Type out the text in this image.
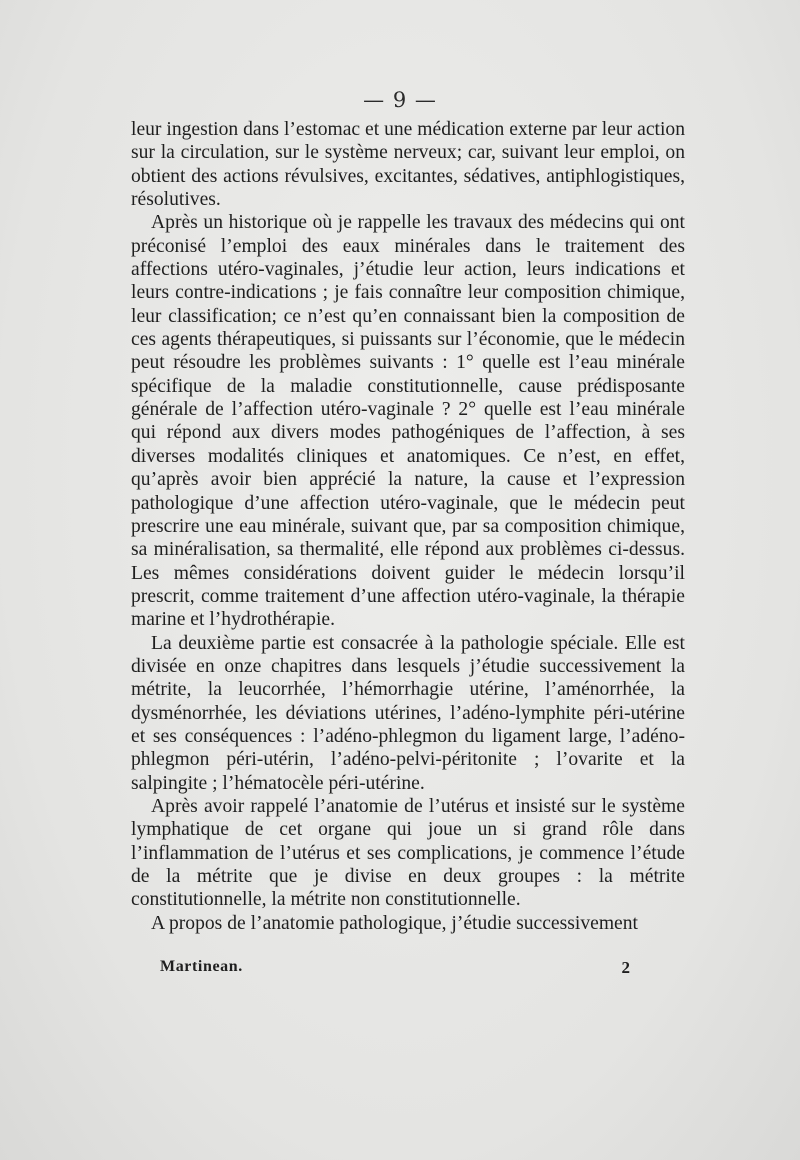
— 9 —

leur ingestion dans l’estomac et une médication externe par leur action sur la circulation, sur le système nerveux; car, suivant leur emploi, on obtient des actions révulsives, excitantes, sédatives, antiphlogistiques, résolutives.

Après un historique où je rappelle les travaux des médecins qui ont préconisé l’emploi des eaux minérales dans le traitement des affections utéro-vaginales, j’étudie leur action, leurs indications et leurs contre-indications ; je fais connaître leur composition chimique, leur classification; ce n’est qu’en connaissant bien la composition de ces agents thérapeutiques, si puissants sur l’économie, que le médecin peut résoudre les problèmes suivants : 1° quelle est l’eau minérale spécifique de la maladie constitutionnelle, cause prédisposante générale de l’affection utéro-vaginale ? 2° quelle est l’eau minérale qui répond aux divers modes pathogéniques de l’affection, à ses diverses modalités cliniques et anatomiques. Ce n’est, en effet, qu’après avoir bien apprécié la nature, la cause et l’expression pathologique d’une affection utéro-vaginale, que le médecin peut prescrire une eau minérale, suivant que, par sa composition chimique, sa minéralisation, sa thermalité, elle répond aux problèmes ci-dessus. Les mêmes considérations doivent guider le médecin lorsqu’il prescrit, comme traitement d’une affection utéro-vaginale, la thérapie marine et l’hydrothérapie.

La deuxième partie est consacrée à la pathologie spéciale. Elle est divisée en onze chapitres dans lesquels j’étudie successivement la métrite, la leucorrhée, l’hémorrhagie utérine, l’aménorrhée, la dysménorrhée, les déviations utérines, l’adéno-lymphite péri-utérine et ses conséquences : l’adéno-phlegmon du ligament large, l’adéno-phlegmon péri-utérin, l’adéno-pelvi-péritonite ; l’ovarite et la salpingite ; l’hématocèle péri-utérine.

Après avoir rappelé l’anatomie de l’utérus et insisté sur le système lymphatique de cet organe qui joue un si grand rôle dans l’inflammation de l’utérus et ses complications, je commence l’étude de la métrite que je divise en deux groupes : la métrite constitutionnelle, la métrite non constitutionnelle.

A propos de l’anatomie pathologique, j’étudie successivement

Martinean.	2
